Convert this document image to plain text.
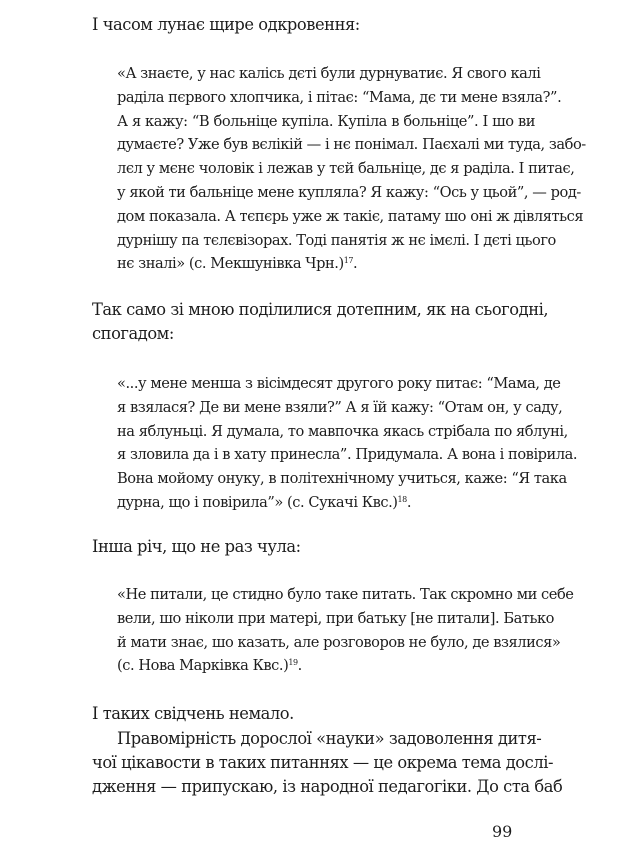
І часом лунає щире одкровення:
«А знаєте, у нас калісь дєті були дурнуватиє. Я свого калі
раділа пєрвого хлопчика, і пітає: “Мама, дє ти мене взяла?”.
А я кажу: “В больніце купіла. Купіла в больніце”. І шо ви
думаєте? Уже був вєлікій — і нє понімал. Паєхалі ми туда, забо-
лєл у мєнє чоловік і лежав у тєй бальніце, дє я раділа. І питає,
у якой ти бальніце мене купляла? Я кажу: “Ось у цьой”, — род-
дом показала. А тєпєрь уже ж такіє, патаму шо оні ж дівляться
дурнішу па тєлєвізорах. Тоді панятія ж нє імєлі. І дєті цього
нє зналі» (с. Мекшунівка Чрн.)$^{17}$.
Так само зі мною поділилися дотепним, як на сьогодні,
спогадом:
«...у мене менша з вісімдесят другого року питає: “Мама, де
я взялася? Де ви мене взяли?” А я їй кажу: “Отам он, у саду,
на яблуньці. Я думала, то мавпочка якась стрібала по яблуні,
я зловила да і в хату принесла”. Придумала. А вона і повірила.
Вона мойому онуку, в політехнічному учиться, каже: “Я така
дурна, що і повірила”» (с. Сукачі Квс.)$^{18}$.
Інша річ, що не раз чула:
«Не питали, це стидно було таке питать. Так скромно ми себе
вели, шо ніколи при матері, при батьку [не питали]. Батько
й мати знає, шо казать, але розговоров не було, де взялися»
(с. Нова Марківка Квс.)$^{19}$.
І таких свідчень немало.
Правомірність дорослої «науки» задоволення дитя-
чої цікавости в таких питаннях — це окрема тема дослі-
дження — припускаю, із народної педагогіки. До ста баб
99
